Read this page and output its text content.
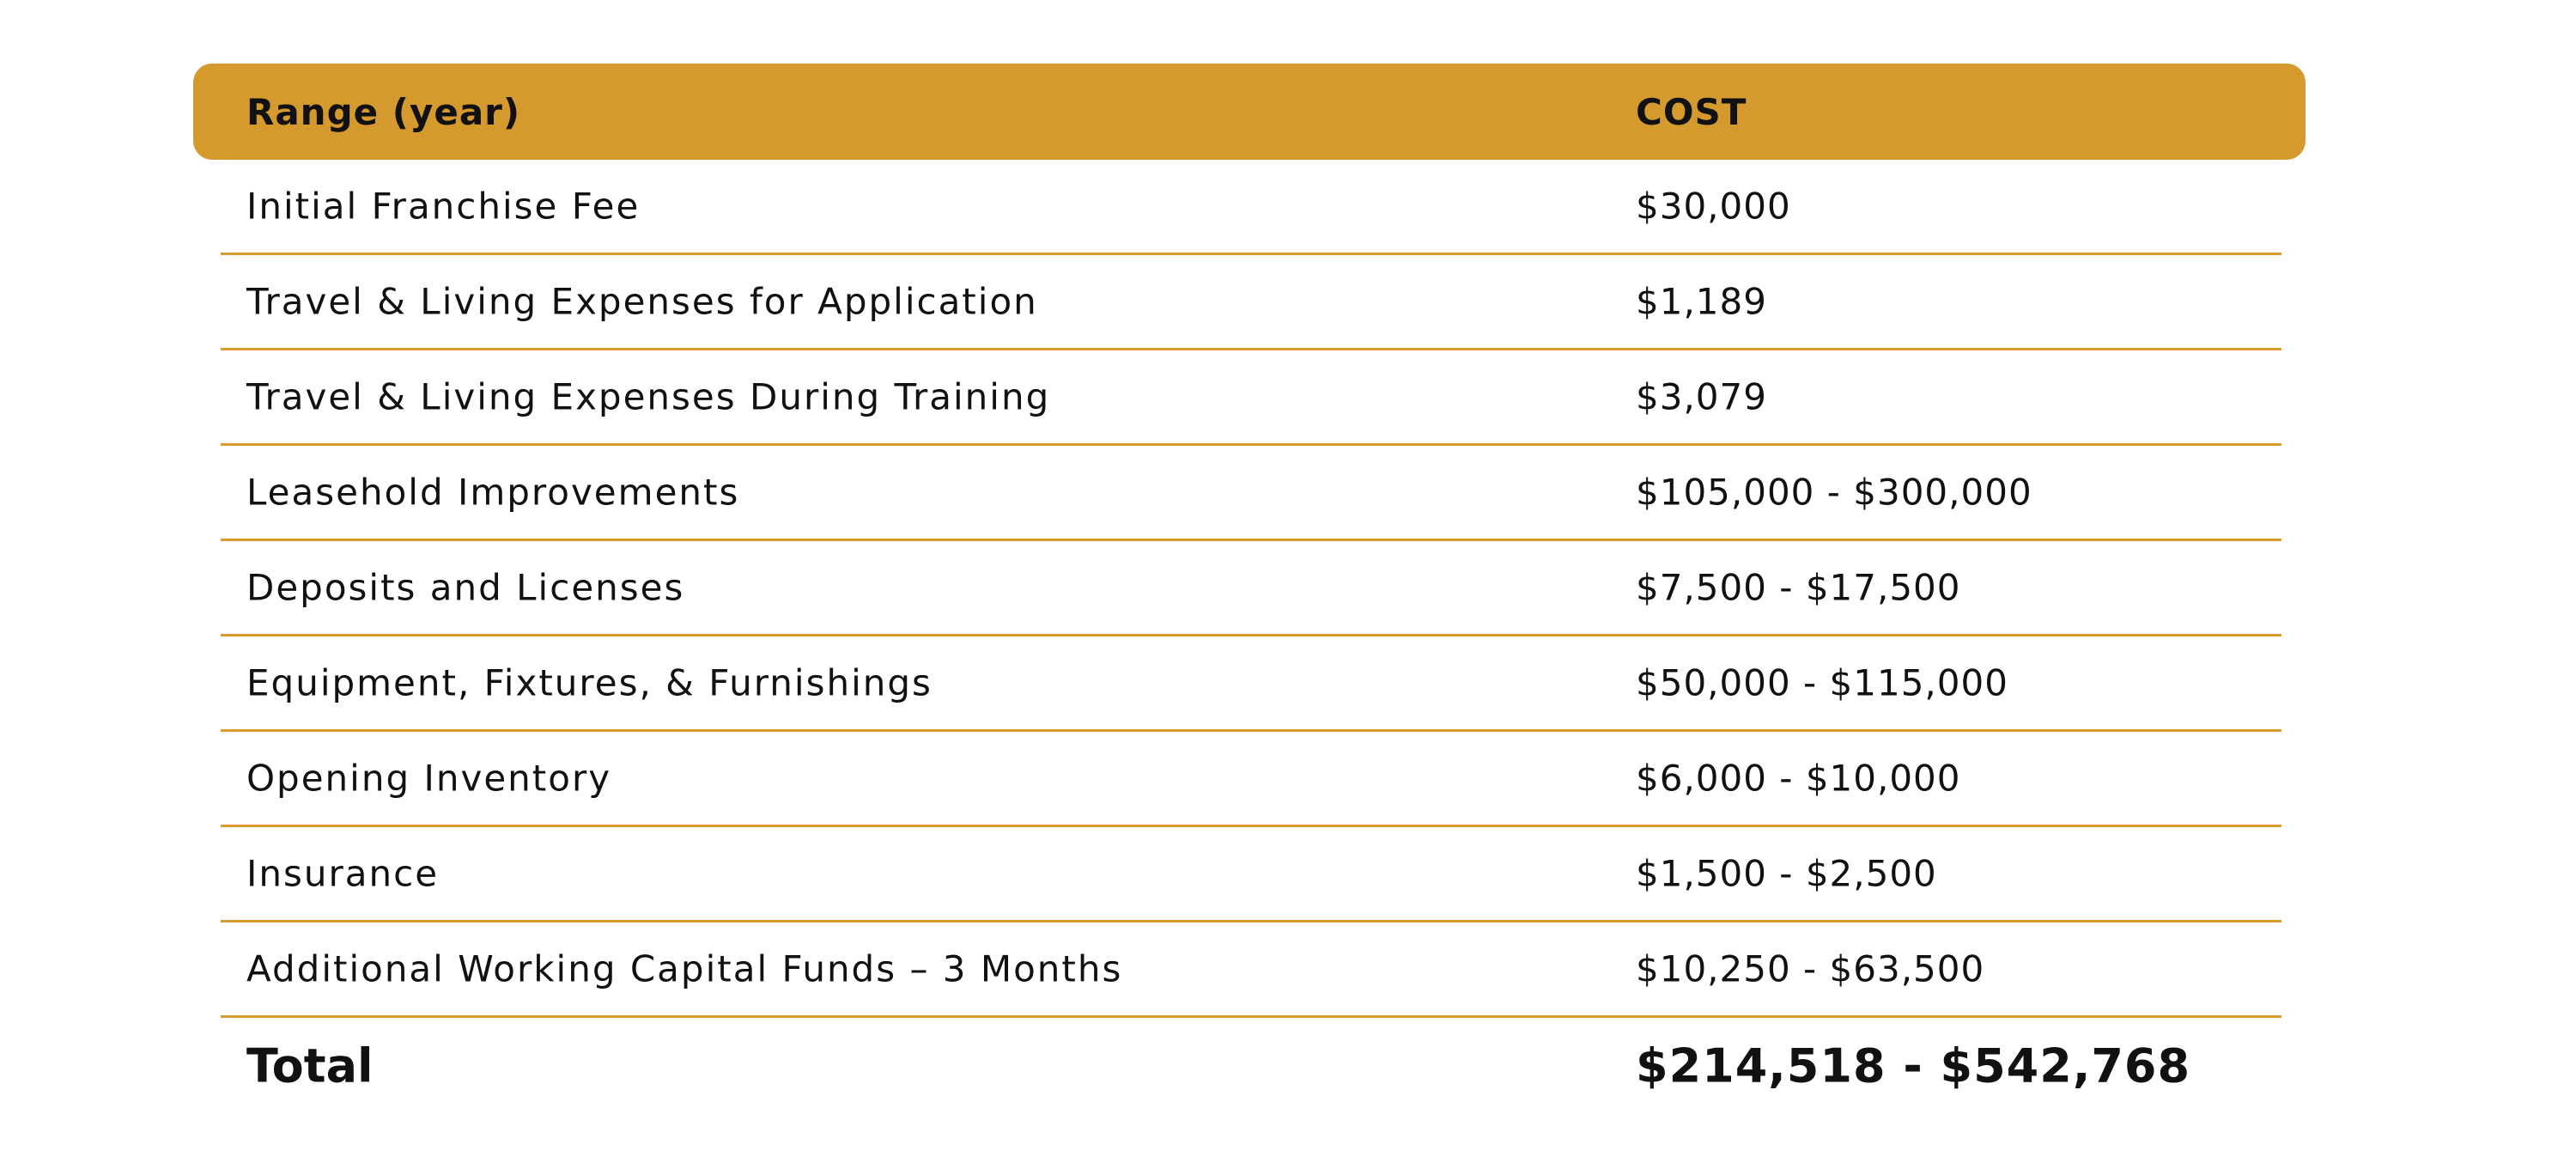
Range (year)	COST
Initial Franchise Fee	$30,000
Travel & Living Expenses for Application	$1,189
Travel & Living Expenses During Training	$3,079
Leasehold Improvements	$105,000 - $300,000
Deposits and Licenses	$7,500 - $17,500
Equipment, Fixtures, & Furnishings	$50,000 - $115,000
Opening Inventory	$6,000 - $10,000
Insurance	$1,500 - $2,500
Additional Working Capital Funds – 3 Months	$10,250 - $63,500
Total	$214,518 - $542,768
